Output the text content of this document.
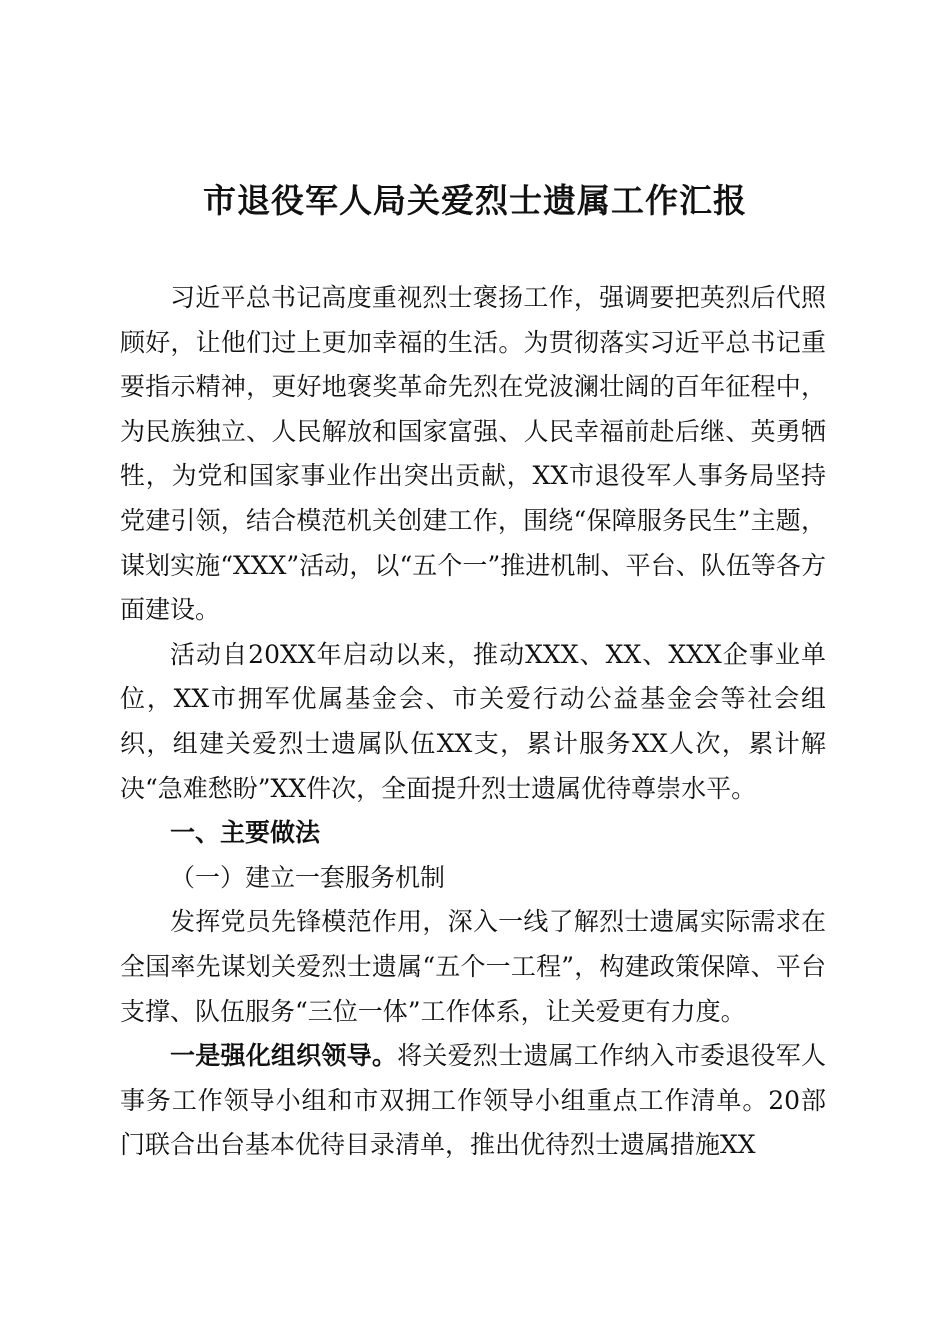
市退役军人局关爱烈士遗属工作汇报

习近平总书记高度重视烈士褒扬工作，强调要把英烈后代照顾好，让他们过上更加幸福的生活。为贯彻落实习近平总书记重要指示精神，更好地褒奖革命先烈在党波澜壮阔的百年征程中，为民族独立、人民解放和国家富强、人民幸福前赴后继、英勇牺牲，为党和国家事业作出突出贡献，XX市退役军人事务局坚持党建引领，结合模范机关创建工作，围绕“保障服务民生”主题，谋划实施“XXX”活动，以“五个一”推进机制、平台、队伍等各方面建设。

活动自20XX年启动以来，推动XXX、XX、XXX企事业单位，XX市拥军优属基金会、市关爱行动公益基金会等社会组织，组建关爱烈士遗属队伍XX支，累计服务XX人次，累计解决“急难愁盼”XX件次，全面提升烈士遗属优待尊崇水平。

一、主要做法

（一）建立一套服务机制

发挥党员先锋模范作用，深入一线了解烈士遗属实际需求在全国率先谋划关爱烈士遗属“五个一工程”，构建政策保障、平台支撑、队伍服务“三位一体”工作体系，让关爱更有力度。

一是强化组织领导。将关爱烈士遗属工作纳入市委退役军人事务工作领导小组和市双拥工作领导小组重点工作清单。20部门联合出台基本优待目录清单，推出优待烈士遗属措施XX
